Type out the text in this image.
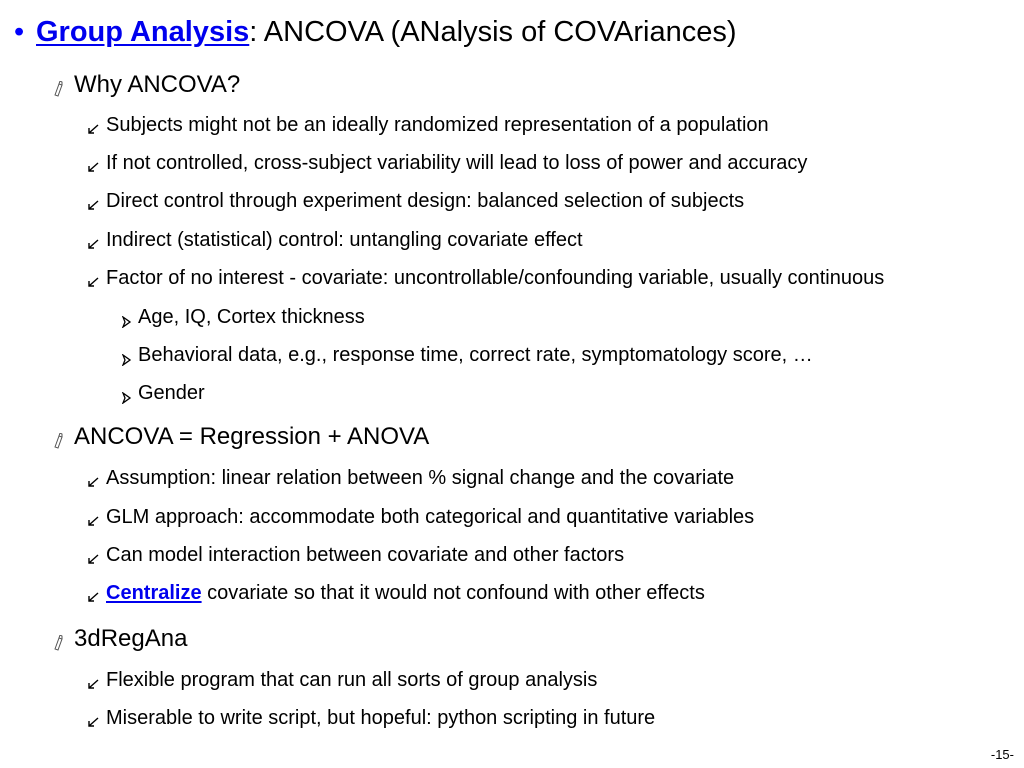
• Group Analysis: ANCOVA (ANalysis of COVAriances)
Why ANCOVA?
Subjects might not be an ideally randomized representation of a population
If not controlled, cross-subject variability will lead to loss of power and accuracy
Direct control through experiment design: balanced selection of subjects
Indirect (statistical) control: untangling covariate effect
Factor of no interest - covariate: uncontrollable/confounding variable, usually continuous
Age, IQ, Cortex thickness
Behavioral data, e.g., response time, correct rate, symptomatology score, …
Gender
ANCOVA = Regression + ANOVA
Assumption: linear relation between % signal change and the covariate
GLM approach: accommodate both categorical and quantitative variables
Can model interaction between covariate and other factors
Centralize covariate so that it would not confound with other effects
3dRegAna
Flexible program that can run all sorts of group analysis
Miserable to write script, but hopeful: python scripting in future
-15-
